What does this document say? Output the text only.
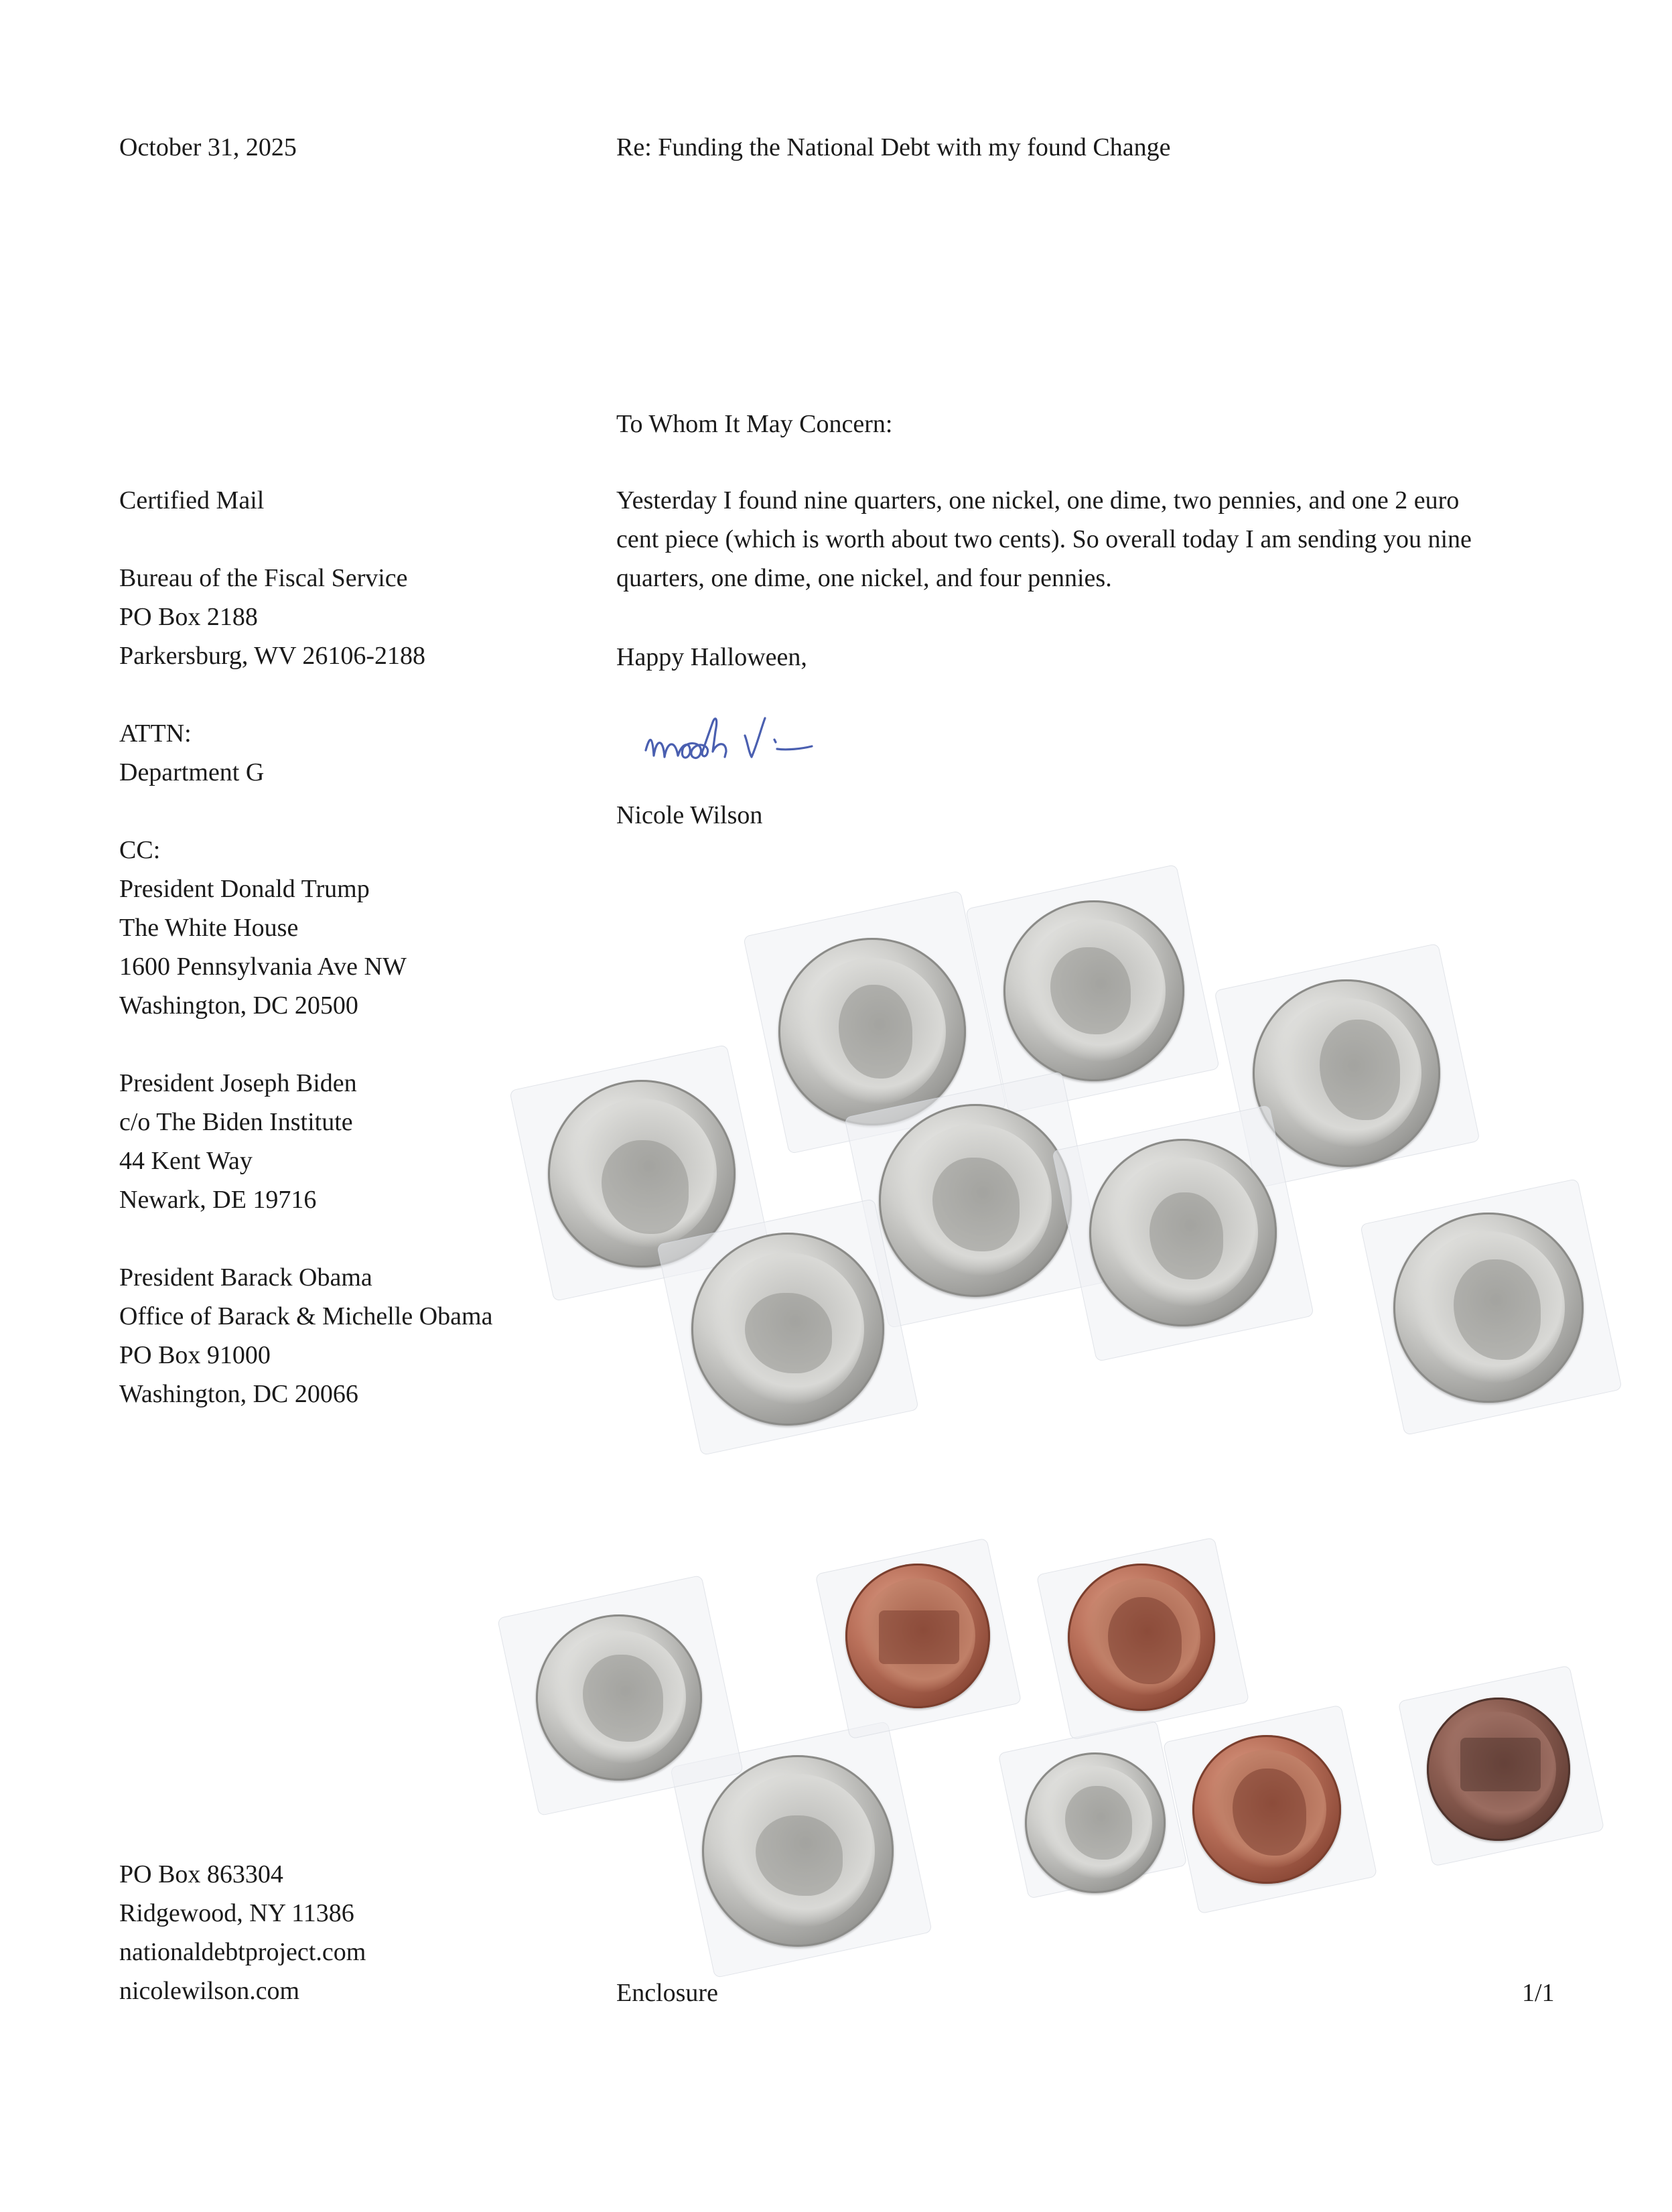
October 31, 2025	Re: Funding the National Debt with my found Change
To Whom It May Concern:
Certified Mail
Bureau of the Fiscal Service
PO Box 2188
Parkersburg, WV 26106-2188
ATTN:
Department G
CC:
President Donald Trump
The White House
1600 Pennsylvania Ave NW
Washington, DC 20500
President Joseph Biden
c/o The Biden Institute
44 Kent Way
Newark, DE 19716
President Barack Obama
Office of Barack & Michelle Obama
PO Box 91000
Washington, DC 20066
Yesterday I found nine quarters, one nickel, one dime, two pennies, and one 2 euro
cent piece (which is worth about two cents). So overall today I am sending you nine
quarters, one dime, one nickel, and four pennies.
Happy Halloween,
Nicole Wilson
PO Box 863304
Ridgewood, NY 11386
nationaldebtproject.com
nicolewilson.com	Enclosure	1/1
